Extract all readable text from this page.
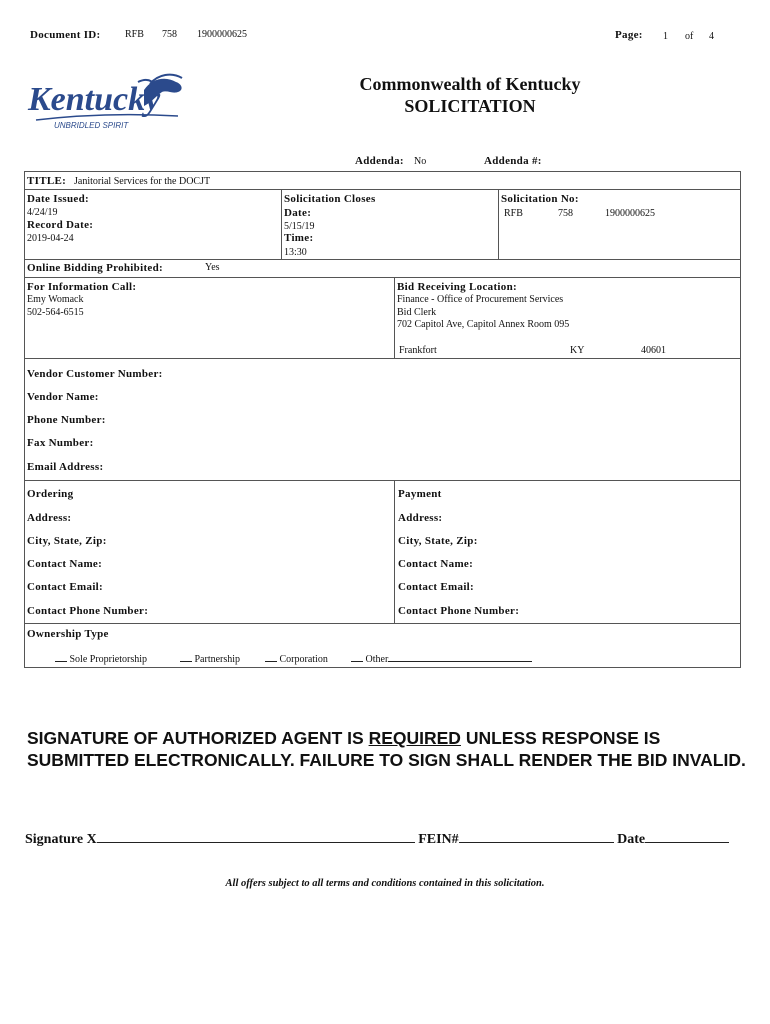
Document ID: RFB 758 1900000625	Page: 1 of 4
Kentucky
UNBRIDLED SPIRIT
Commonwealth of Kentucky
SOLICITATION
Addenda: No	Addenda #:
TITLE: Janitorial Services for the DOCJT
Date Issued:
4/24/19
Record Date:
2019-04-24
Solicitation Closes
Date:
5/15/19
Time:
13:30
Solicitation No:
RFB	758	1900000625
Online Bidding Prohibited:	Yes
For Information Call:
Emy Womack
502-564-6515
Bid Receiving Location:
Finance - Office of Procurement Services
Bid Clerk
702 Capitol Ave, Capitol Annex Room 095
Frankfort	KY	40601
Vendor Customer Number:
Vendor Name:
Phone Number:
Fax Number:
Email Address:
Ordering
Address:
City, State, Zip:
Contact Name:
Contact Email:
Contact Phone Number:
Payment
Address:
City, State, Zip:
Contact Name:
Contact Email:
Contact Phone Number:
Ownership Type
Sole Proprietorship	Partnership	Corporation	Other
SIGNATURE OF AUTHORIZED AGENT IS REQUIRED UNLESS RESPONSE IS SUBMITTED ELECTRONICALLY. FAILURE TO SIGN SHALL RENDER THE BID INVALID.
Signature X	FEIN#	Date
All offers subject to all terms and conditions contained in this solicitation.
